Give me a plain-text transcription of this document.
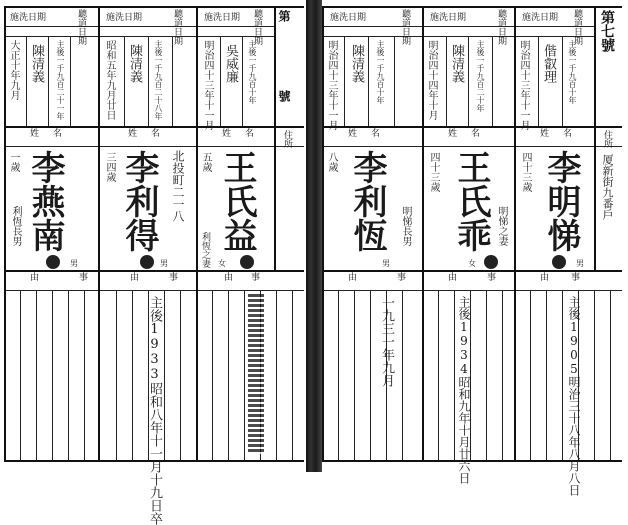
聽道日期	聽道日期	聽道日期
施洗日期	施洗日期	施洗日期
大正十年九月 陳清義 主後一千九百二十一年	昭和五年九月廿日 陳清義 主後一千九百二十八年	明治四十三年十一月 吳威廉 主後一千九百十年
姓名	姓名	姓名 住所
一歲 李燕南
利恆長男
男
三四歲 李利得 北投町二一八
男
五歲 王氏益
利恆之妻 女
由事 由事 由事
主後1933昭和八年十一月十九日卒
第
號
聽道日期	聽道日期	聽道日期
施洗日期	施洗日期	施洗日期
明治四十三年十一月 陳清義 主後一千九百十年	明治四十四年十月 陳清義 主後一千九百二十年	明治四十三年十一月 偕叡理 主後一千九百十年
姓名	姓名	姓名 住所
八歲 李利恆 明悌長男
男
四十三歲 王氏乖 明悌之妻
女
四十三歲 李明悌 厦新街九番戶
男
由事 由事 由事
一九三一年九月	主後1934昭和九年十月廿六日	主後1905明治三十八年八月八日
第七號
